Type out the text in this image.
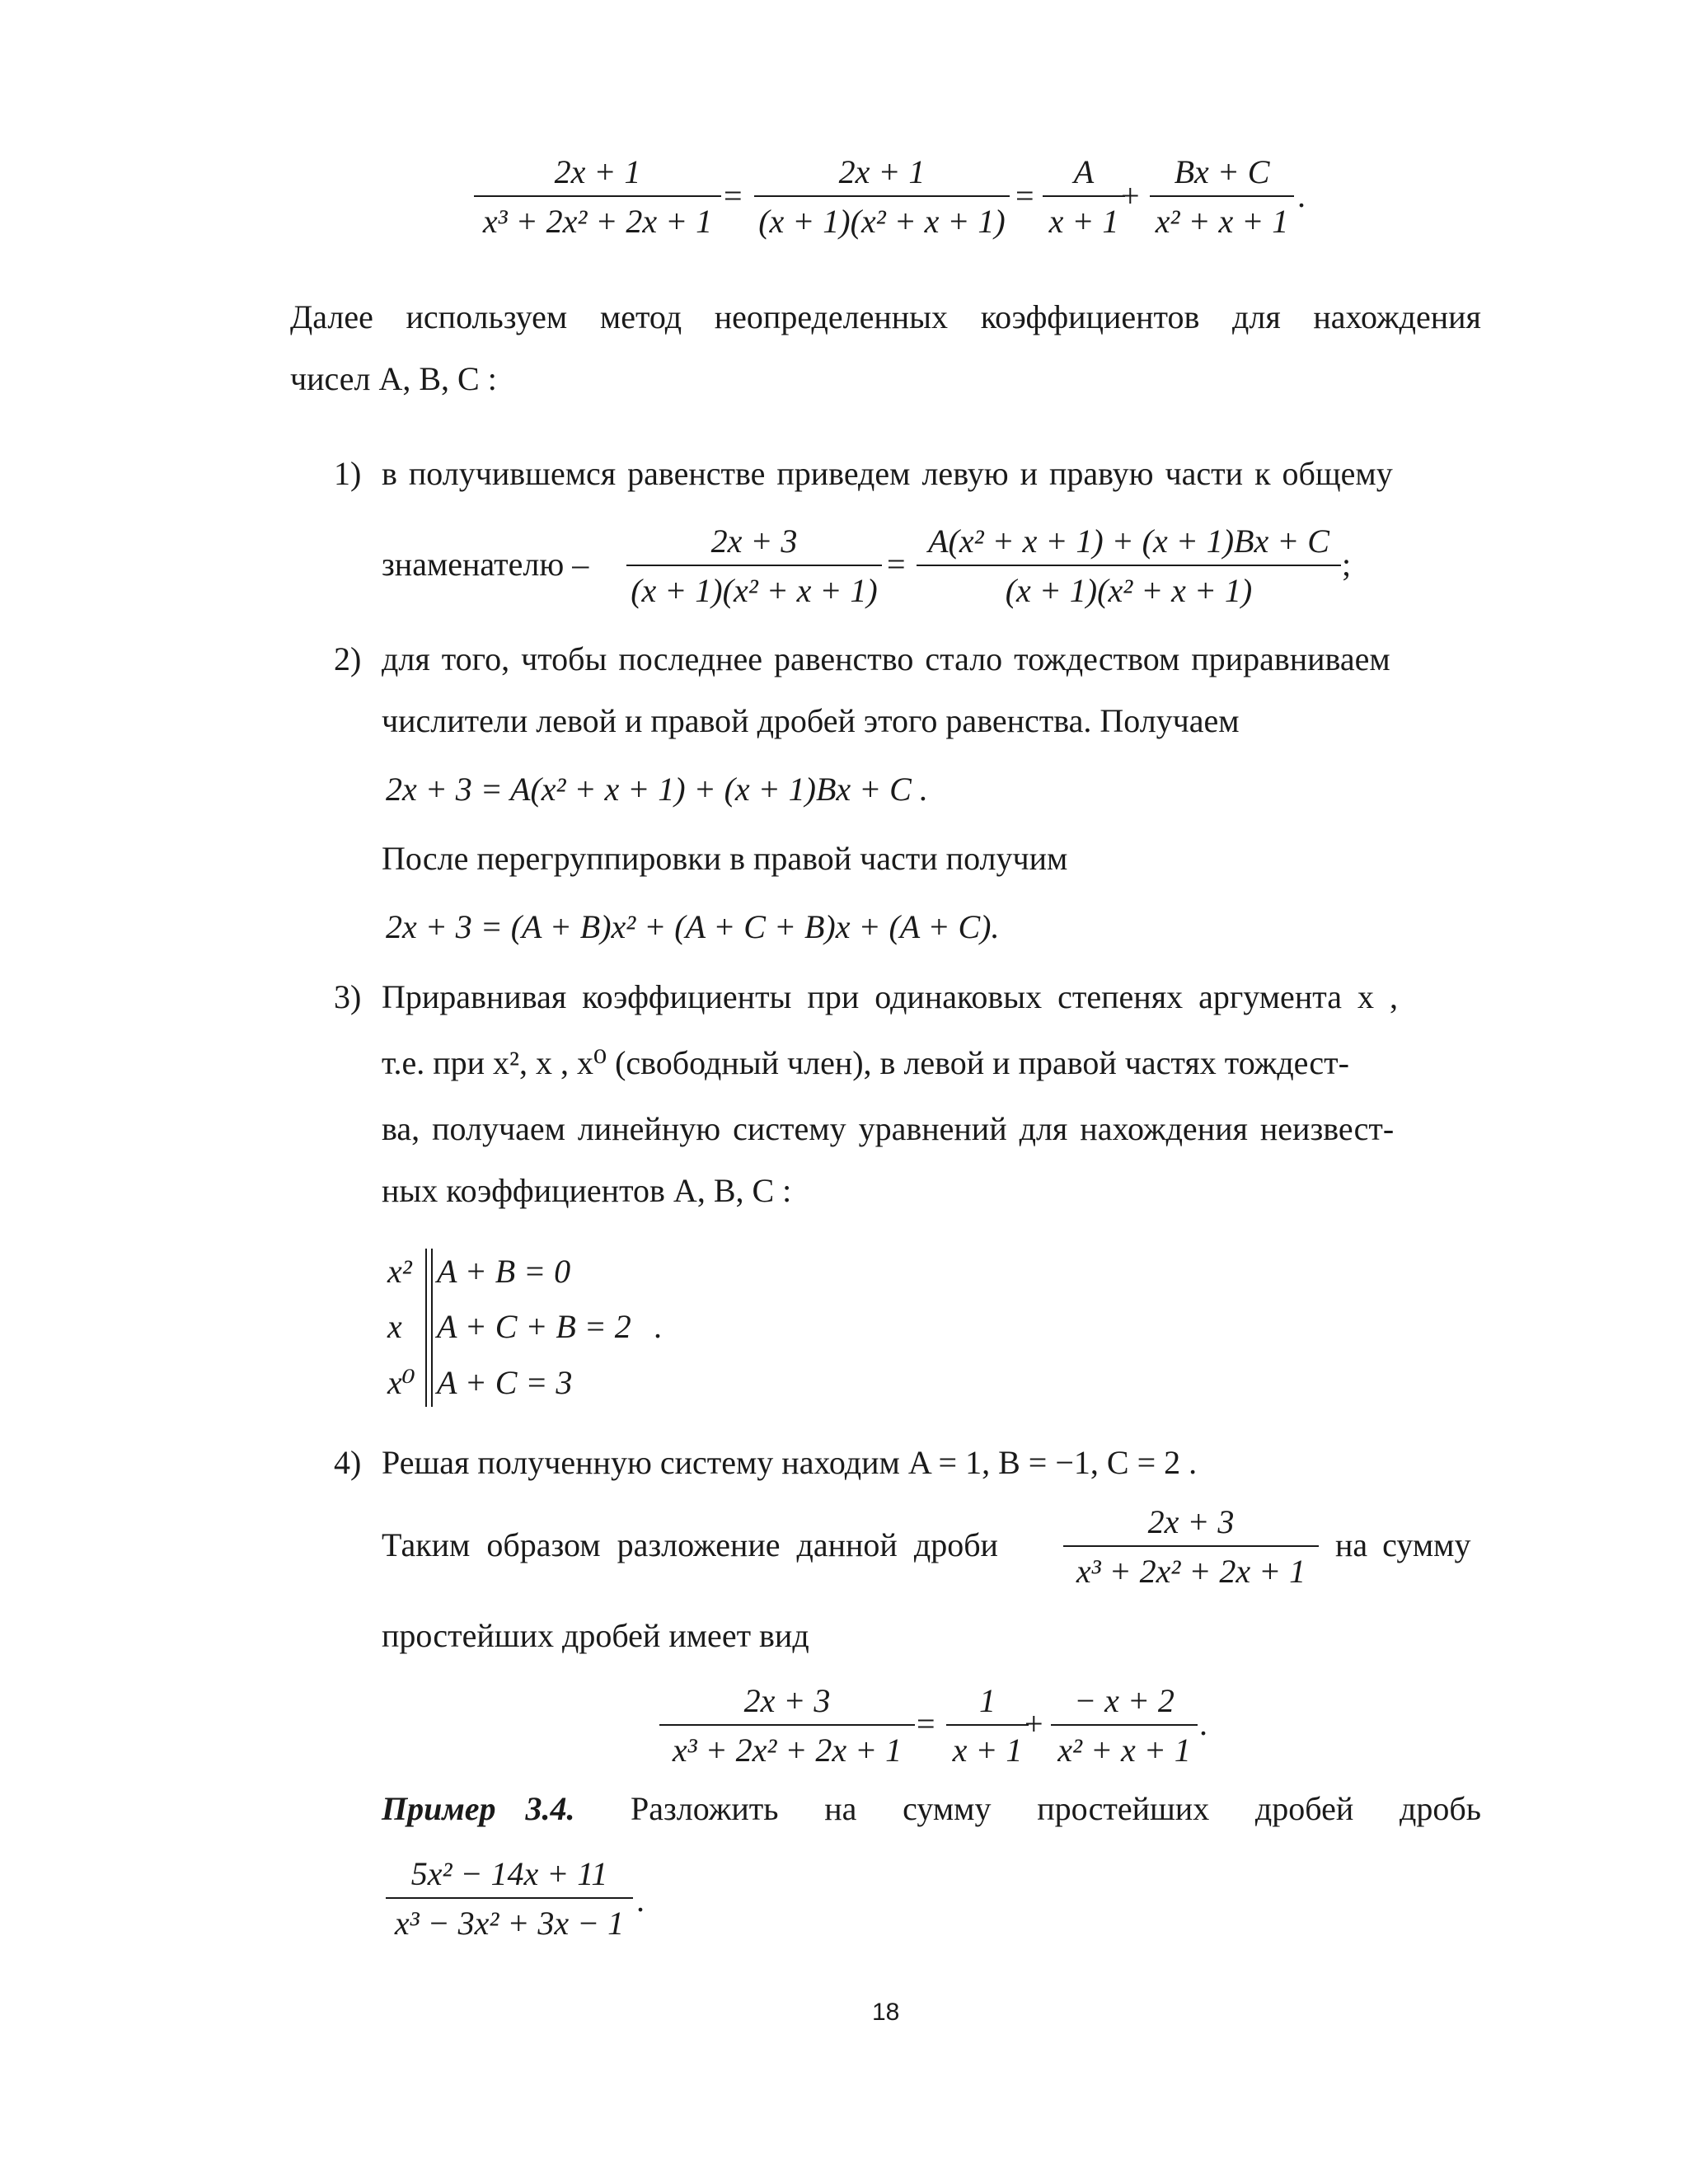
2x + 1
x³ + 2x² + 2x + 1
=
2x + 1
(x + 1)(x² + x + 1)
=
A
x + 1
+
Bx + C
x² + x + 1
.
Далее используем метод неопределенных коэффициентов для нахождения
чисел A, B, C :
1) в получившемся равенстве приведем левую и правую части к общему
знаменателю –
2x + 3
(x + 1)(x² + x + 1)
=
A(x² + x + 1) + (x + 1)Bx + C
(x + 1)(x² + x + 1)
;
2) для того, чтобы последнее равенство стало тождеством приравниваем
числители левой и правой дробей этого равенства. Получаем
2x + 3 = A(x² + x + 1) + (x + 1)Bx + C .
После перегруппировки в правой части получим
2x + 3 = (A + B)x² + (A + C + B)x + (A + C).
3) Приравнивая коэффициенты при одинаковых степенях аргумента x ,
т.е. при x², x , x⁰ (свободный член), в левой и правой частях тождест-
ва, получаем линейную систему уравнений для нахождения неизвест-
ных коэффициентов A, B, C :
x²
x
x⁰
A + B = 0
A + C + B = 2
A + C = 3
.
4) Решая полученную систему находим A = 1, B = −1, C = 2 .
Таким образом разложение данной дроби
2x + 3
x³ + 2x² + 2x + 1
на сумму
простейших дробей имеет вид
2x + 3
x³ + 2x² + 2x + 1
=
1
x + 1
+
− x + 2
x² + x + 1
.
Пример 3.4. Разложить на сумму простейших дробей дробь
5x² − 14x + 11
x³ − 3x² + 3x − 1
.
18
